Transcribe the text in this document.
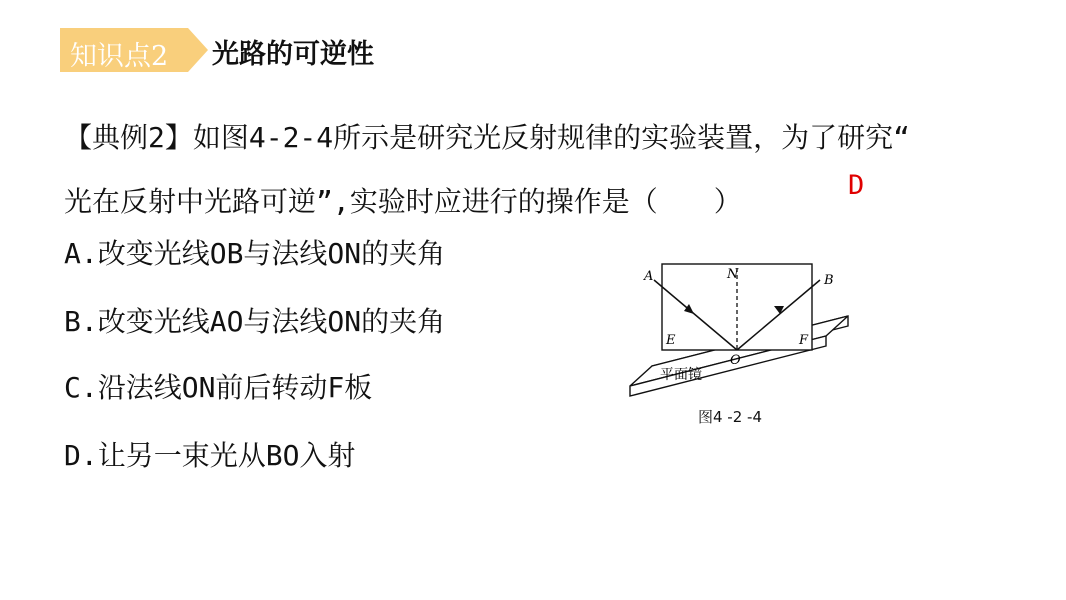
知识点2 光路的可逆性
【典例2】如图4-2-4所示是研究光反射规律的实验装置，为了研究“
光在反射中光路可逆”,实验时应进行的操作是（　　）	D
A.改变光线OB与法线ON的夹角
B.改变光线AO与法线ON的夹角
C.沿法线ON前后转动F板
D.让另一束光从BO入射
A	N	B
E
O
F
平面镜
图4 -2 -4
